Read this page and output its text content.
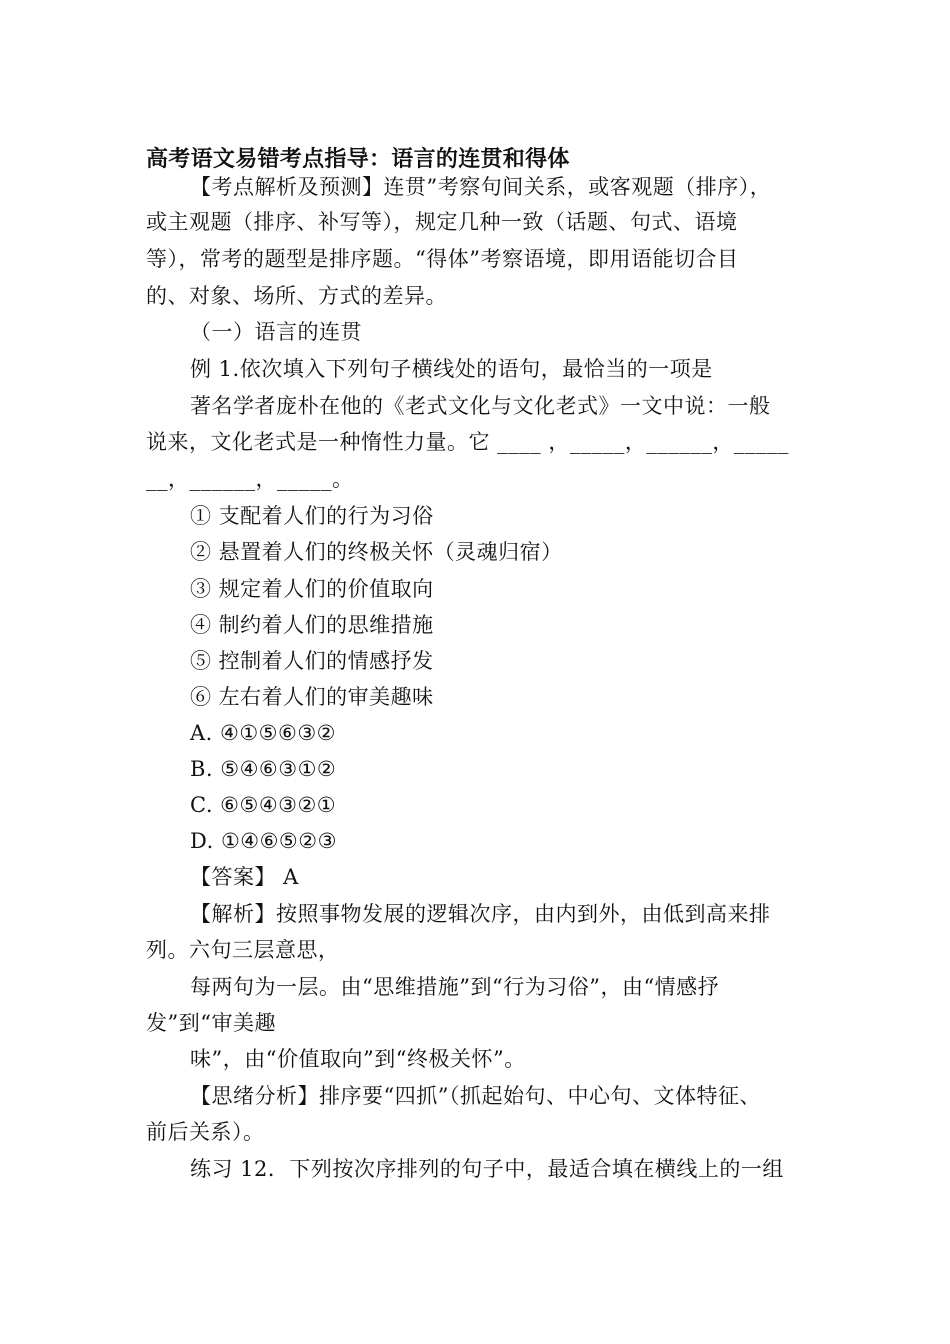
高考语文易错考点指导：语言的连贯和得体
【考点解析及预测】连贯”考察句间关系，或客观题（排序），
或主观题（排序、补写等），规定几种一致（话题、句式、语境
等），常考的题型是排序题。“得体”考察语境，即用语能切合目
的、对象、场所、方式的差异。
（一）语言的连贯
例 1.依次填入下列句子横线处的语句，最恰当的一项是
著名学者庞朴在他的《老式文化与文化老式》一文中说：一般
说来，文化老式是一种惰性力量。它 ____ ，_____，______，_____
__，______，_____。
① 支配着人们的行为习俗
② 悬置着人们的终极关怀（灵魂归宿）
③ 规定着人们的价值取向
④ 制约着人们的思维措施
⑤ 控制着人们的情感抒发
⑥ 左右着人们的审美趣味
A. ④①⑤⑥③②
B. ⑤④⑥③①②
C. ⑥⑤④③②①
D. ①④⑥⑤②③
【答案】 A
【解析】按照事物发展的逻辑次序，由内到外，由低到高来排
列。六句三层意思，
每两句为一层。由“思维措施”到“行为习俗”，由“情感抒
发”到“审美趣
味”，由“价值取向”到“终极关怀”。
【思绪分析】排序要“四抓”（抓起始句、中心句、文体特征、
前后关系）。
练习 12．下列按次序排列的句子中，最适合填在横线上的一组
